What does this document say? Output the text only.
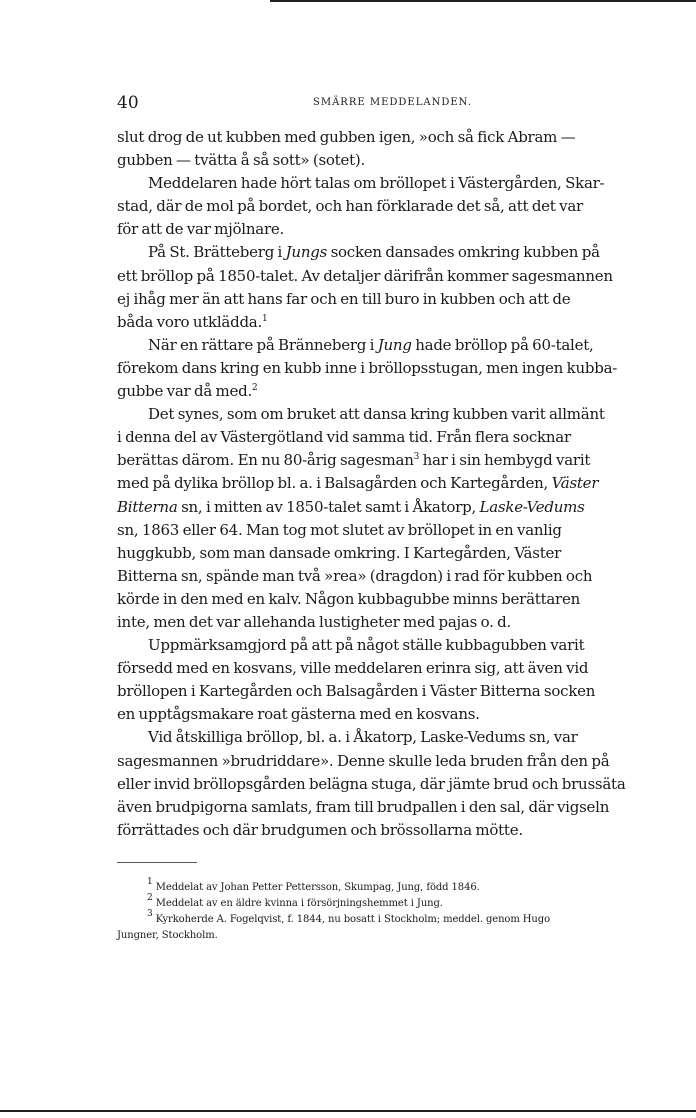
40	SMÄRRE MEDDELANDEN.

slut drog de ut kubben med gubben igen, »och så fick Abram —
gubben — tvätta å så sott» (sotet).

Meddelaren hade hört talas om bröllopet i Västergården, Skar-
stad, där de mol på bordet, och han förklarade det så, att det var
för att de var mjölnare.

På St. Brätteberg i Jungs socken dansades omkring kubben på
ett bröllop på 1850-talet. Av detaljer därifrån kommer sagesmannen
ej ihåg mer än att hans far och en till buro in kubben och att de
båda voro utklädda.$^1$

När en rättare på Bränneberg i Jung hade bröllop på 60-talet,
förekom dans kring en kubb inne i bröllopsstugan, men ingen kubba-
gubbe var då med.$^2$

Det synes, som om bruket att dansa kring kubben varit allmänt
i denna del av Västergötland vid samma tid. Från flera socknar
berättas därom. En nu 80-årig sagesman$^3$ har i sin hembygd varit
med på dylika bröllop bl. a. i Balsagården och Kartegården, Väster
Bitterna sn, i mitten av 1850-talet samt i Åkatorp, Laske-Vedums
sn, 1863 eller 64. Man tog mot slutet av bröllopet in en vanlig
huggkubb, som man dansade omkring. I Kartegården, Väster
Bitterna sn, spände man två »rea» (dragdon) i rad för kubben och
körde in den med en kalv. Någon kubbagubbe minns berättaren
inte, men det var allehanda lustigheter med pajas o. d.

Uppmärksamgjord på att på något ställe kubbagubben varit
försedd med en kosvans, ville meddelaren erinra sig, att även vid
bröllopen i Kartegården och Balsagården i Väster Bitterna socken
en upptågsmakare roat gästerna med en kosvans.

Vid åtskilliga bröllop, bl. a. i Åkatorp, Laske-Vedums sn, var
sagesmannen »brudriddare». Denne skulle leda bruden från den på
eller invid bröllopsgården belägna stuga, där jämte brud och brussäta
även brudpigorna samlats, fram till brudpallen i den sal, där vigseln
förrättades och där brudgumen och brössollarna mötte.

$^1$ Meddelat av Johan Petter Pettersson, Skumpag, Jung, född 1846.

$^2$ Meddelat av en äldre kvinna i försörjningshemmet i Jung.

$^3$ Kyrkoherde A. Fogelqvist, f. 1844, nu bosatt i Stockholm; meddel. genom Hugo
Jungner, Stockholm.
